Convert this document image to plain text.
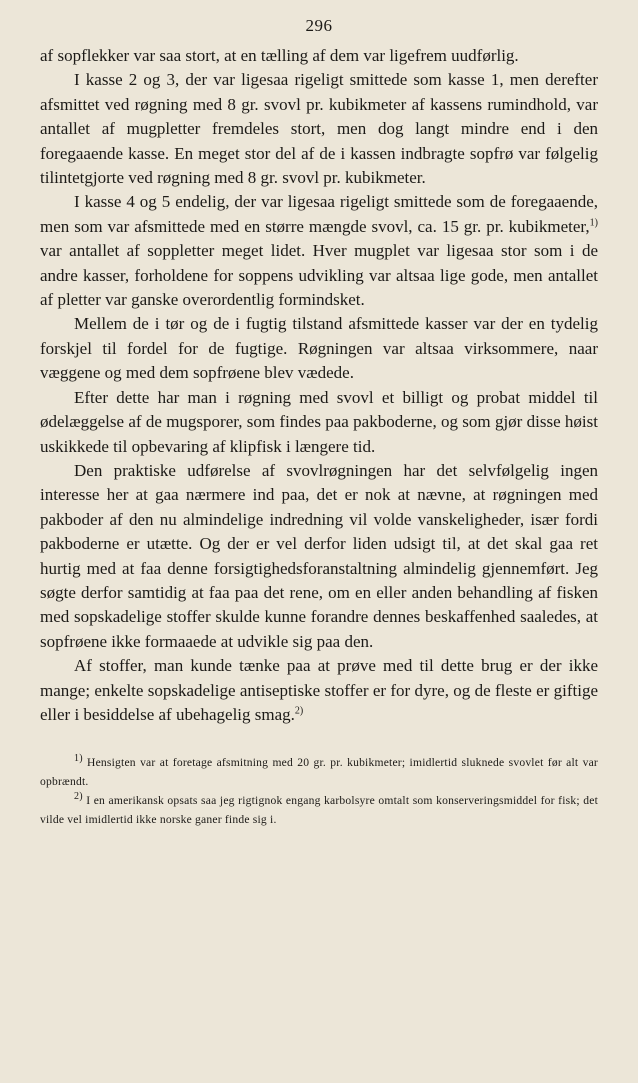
296

af sopflekker var saa stort, at en tælling af dem var ligefrem uudførlig.

I kasse 2 og 3, der var ligesaa rigeligt smittede som kasse 1, men derefter afsmittet ved røgning med 8 gr. svovl pr. kubikmeter af kassens rumindhold, var antallet af mugpletter fremdeles stort, men dog langt mindre end i den foregaaende kasse. En meget stor del af de i kassen indbragte sopfrø var følgelig tilintetgjorte ved røgning med 8 gr. svovl pr. kubikmeter.

I kasse 4 og 5 endelig, der var ligesaa rigeligt smittede som de foregaaende, men som var afsmittede med en større mængde svovl, ca. 15 gr. pr. kubikmeter,$^{1)}$ var antallet af soppletter meget lidet. Hver mugplet var ligesaa stor som i de andre kasser, forholdene for soppens udvikling var altsaa lige gode, men antallet af pletter var ganske overordentlig formindsket.

Mellem de i tør og de i fugtig tilstand afsmittede kasser var der en tydelig forskjel til fordel for de fugtige. Røgningen var altsaa virksommere, naar væggene og med dem sopfrøene blev vædede.

Efter dette har man i røgning med svovl et billigt og probat middel til ødelæggelse af de mugsporer, som findes paa pakboderne, og som gjør disse høist uskikkede til opbevaring af klipfisk i længere tid.

Den praktiske udførelse af svovlrøgningen har det selvfølgelig ingen interesse her at gaa nærmere ind paa, det er nok at nævne, at røgningen med pakboder af den nu almindelige indredning vil volde vanskeligheder, især fordi pakboderne er utætte. Og der er vel derfor liden udsigt til, at det skal gaa ret hurtig med at faa denne forsigtighedsforanstaltning almindelig gjennemført. Jeg søgte derfor samtidig at faa paa det rene, om en eller anden behandling af fisken med sopskadelige stoffer skulde kunne forandre dennes beskaffenhed saaledes, at sopfrøene ikke formaaede at udvikle sig paa den.

Af stoffer, man kunde tænke paa at prøve med til dette brug er der ikke mange; enkelte sopskadelige antiseptiske stoffer er for dyre, og de fleste er giftige eller i besiddelse af ubehagelig smag.$^{2)}$

$^{1)}$ Hensigten var at foretage afsmitning med 20 gr. pr. kubikmeter; imidlertid sluknede svovlet før alt var opbrændt.

$^{2)}$ I en amerikansk opsats saa jeg rigtignok engang karbolsyre omtalt som konserveringsmiddel for fisk; det vilde vel imidlertid ikke norske ganer finde sig i.
